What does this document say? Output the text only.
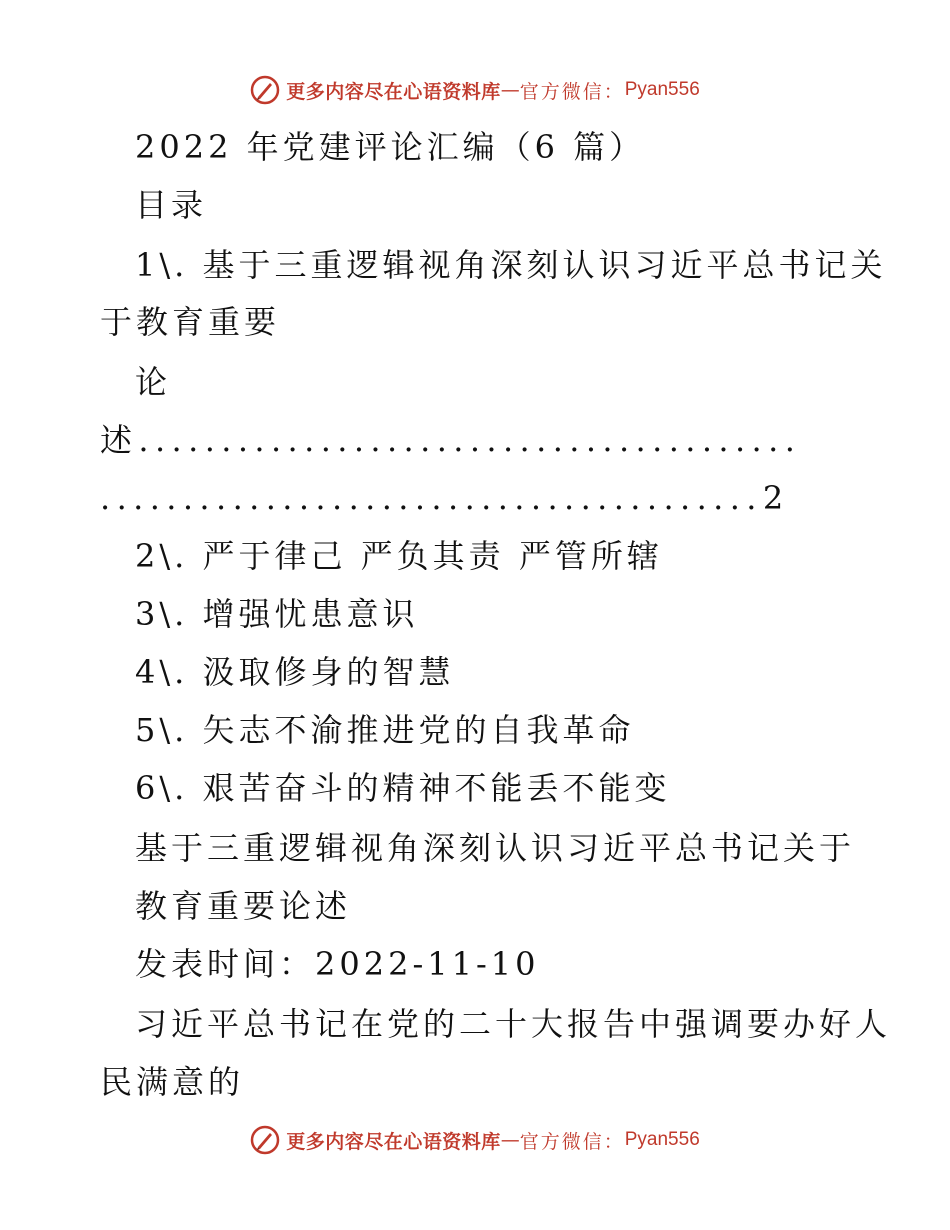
更多内容尽在心语资料库 — 官方微信： Pyan556
2022 年党建评论汇编（6 篇）
目录
1\. 基于三重逻辑视角深刻认识习近平总书记关
于教育重要
论
述........................................
........................................2
2\. 严于律己 严负其责 严管所辖
3\. 增强忧患意识
4\. 汲取修身的智慧
5\. 矢志不渝推进党的自我革命
6\. 艰苦奋斗的精神不能丢不能变
基于三重逻辑视角深刻认识习近平总书记关于
教育重要论述
发表时间：2022-11-10
习近平总书记在党的二十大报告中强调要办好人
民满意的
更多内容尽在心语资料库 — 官方微信： Pyan556
